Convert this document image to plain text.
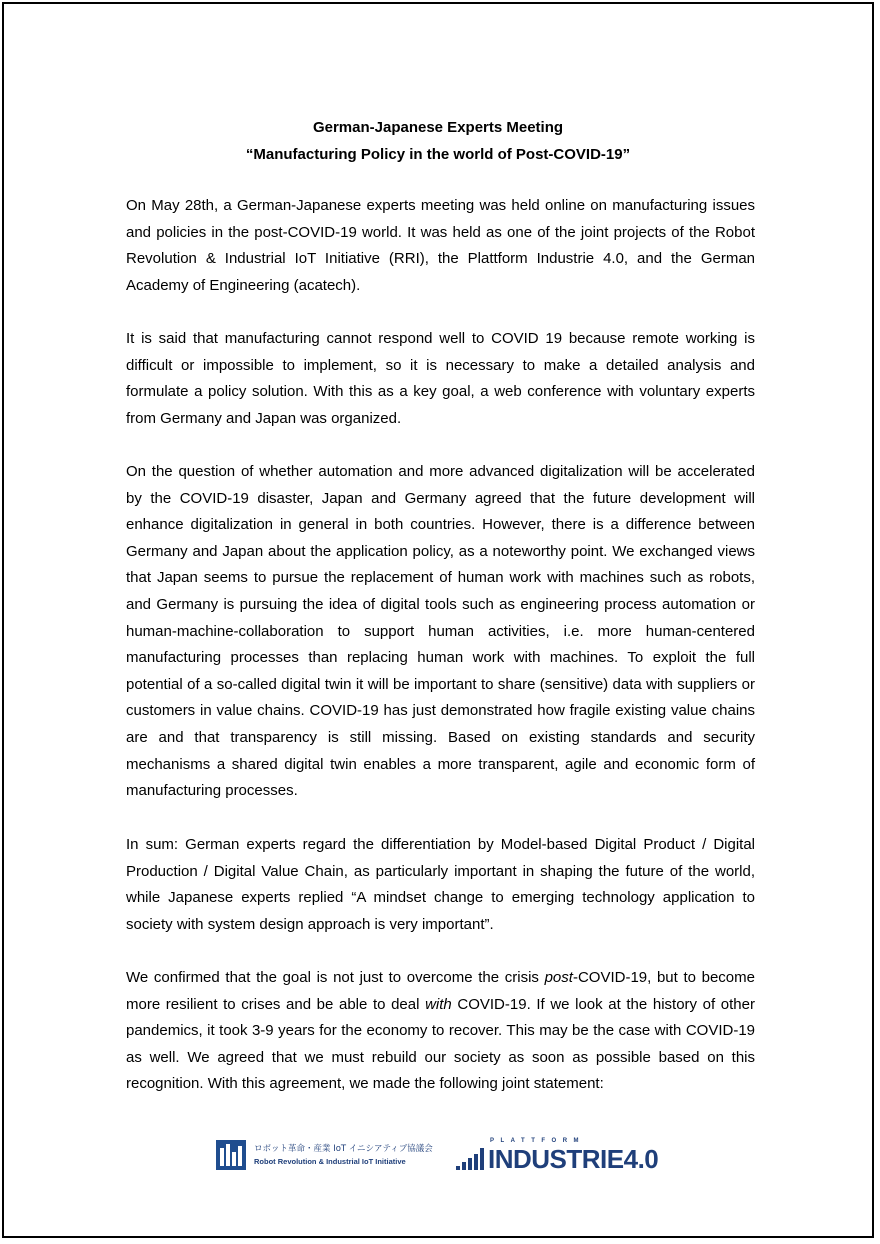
German-Japanese Experts Meeting
“Manufacturing Policy in the world of Post-COVID-19”

On May 28th, a German-Japanese experts meeting was held online on manufacturing issues and policies in the post-COVID-19 world. It was held as one of the joint projects of the Robot Revolution & Industrial IoT Initiative (RRI), the Plattform Industrie 4.0, and the German Academy of Engineering (acatech).

It is said that manufacturing cannot respond well to COVID 19 because remote working is difficult or impossible to implement, so it is necessary to make a detailed analysis and formulate a policy solution. With this as a key goal, a web conference with voluntary experts from Germany and Japan was organized.

On the question of whether automation and more advanced digitalization will be accelerated by the COVID-19 disaster, Japan and Germany agreed that the future development will enhance digitalization in general in both countries. However, there is a difference between Germany and Japan about the application policy, as a noteworthy point. We exchanged views that Japan seems to pursue the replacement of human work with machines such as robots, and Germany is pursuing the idea of digital tools such as engineering process automation or human-machine-collaboration to support human activities, i.e. more human-centered manufacturing processes than replacing human work with machines. To exploit the full potential of a so-called digital twin it will be important to share (sensitive) data with suppliers or customers in value chains. COVID-19 has just demonstrated how fragile existing value chains are and that transparency is still missing. Based on existing standards and security mechanisms a shared digital twin enables a more transparent, agile and economic form of manufacturing processes.

In sum: German experts regard the differentiation by Model-based Digital Product / Digital Production / Digital Value Chain, as particularly important in shaping the future of the world, while Japanese experts replied “A mindset change to emerging technology application to society with system design approach is very important”.

We confirmed that the goal is not just to overcome the crisis post-COVID-19, but to become more resilient to crises and be able to deal with COVID-19. If we look at the history of other pandemics, it took 3-9 years for the economy to recover. This may be the case with COVID-19 as well. We agreed that we must rebuild our society as soon as possible based on this recognition. With this agreement, we made the following joint statement:

ロボット革命・産業 IoT イニシアティブ協議会
Robot Revolution & Industrial IoT Initiative
PLATTFORM
INDUSTRIE4.0
